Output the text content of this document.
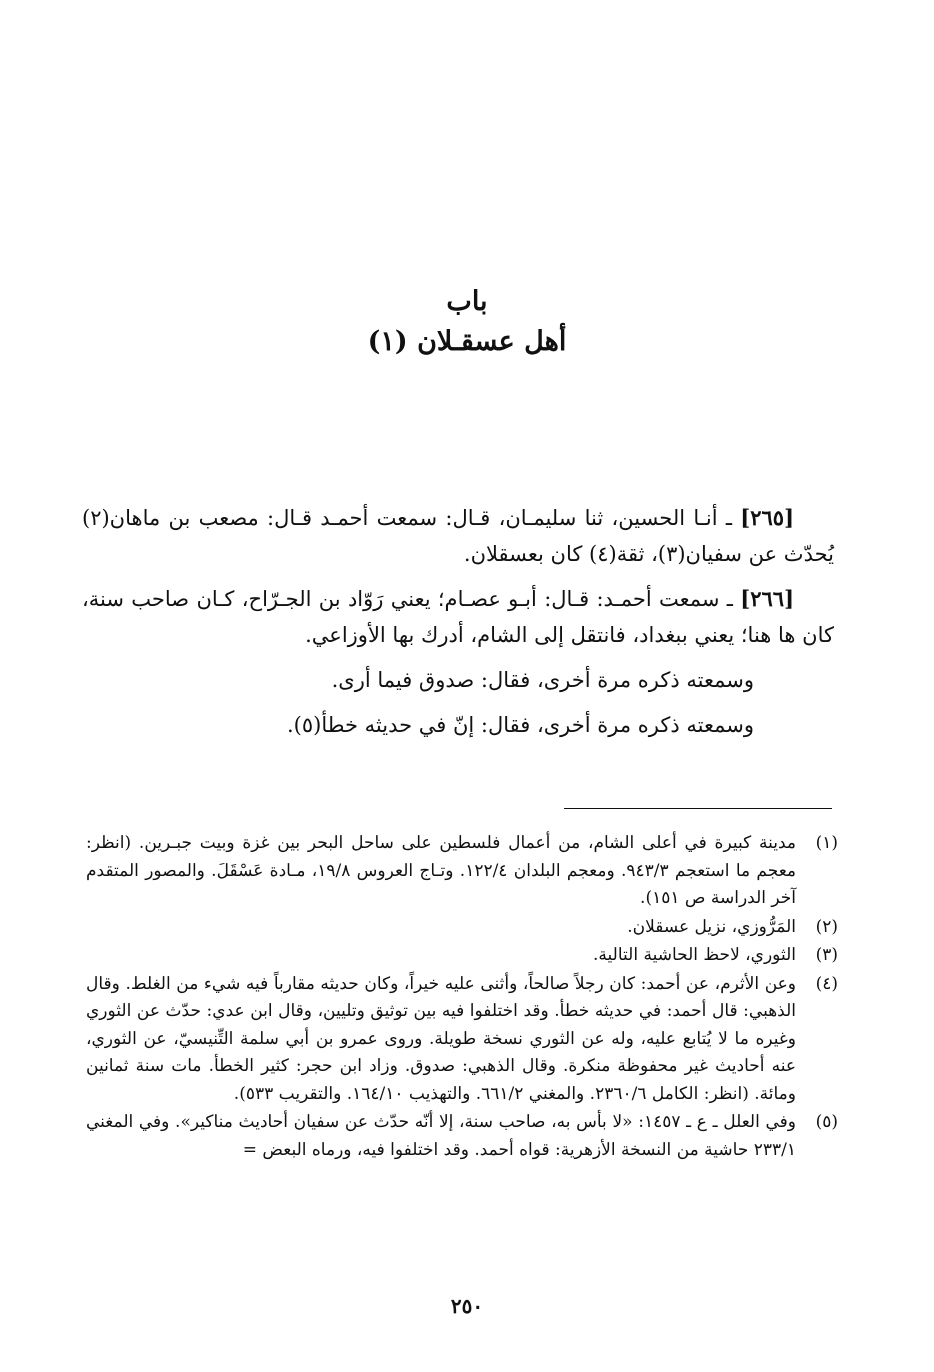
باب
أهل عسقـلان (١)

[٢٦٥] ـ أنـا الحسين، ثنا سليمـان، قـال: سمعت أحمـد قـال: مصعب بن ماهان(٢) يُحدّث عن سفيان(٣)، ثقة(٤) كان بعسقلان.

[٢٦٦] ـ سمعت أحمـد: قـال: أبـو عصـام؛ يعني رَوّاد بن الجـرّاح، كـان صاحب سنة، كان ها هنا؛ يعني ببغداد، فانتقل إلى الشام، أدرك بها الأوزاعي.

وسمعته ذكره مرة أخرى، فقال: صدوق فيما أرى.

وسمعته ذكره مرة أخرى، فقال: إنّ في حديثه خطأ(٥).

(١)
مدينة كبيرة في أعلى الشام، من أعمال فلسطين على ساحل البحر بين غزة وبيت جبـرين. (انظر: معجم ما استعجم ٩٤٣/٣. ومعجم البلدان ١٢٢/٤. وتـاج العروس ١٩/٨، مـادة عَسْقَلَ. والمصور المتقدم آخر الدراسة ص ١٥١).
(٢)
المَرُّوزي، نزيل عسقلان.
(٣)
الثوري، لاحظ الحاشية التالية.
(٤)
وعن الأثرم، عن أحمد: كان رجلاً صالحاً، وأثنى عليه خيراً، وكان حديثه مقارباً فيه شيء من الغلط. وقال الذهبي: قال أحمد: في حديثه خطأ. وقد اختلفوا فيه بين توثيق وتليين، وقال ابن عدي: حدّث عن الثوري وغيره ما لا يُتابع عليه، وله عن الثوري نسخة طويلة. وروى عمرو بن أبي سلمة التِّنيسيّ، عن الثوري، عنه أحاديث غير محفوظة منكرة. وقال الذهبي: صدوق. وزاد ابن حجر: كثير الخطأ. مات سنة ثمانين ومائة. (انظر: الكامل ٢٣٦٠/٦. والمغني ٦٦١/٢. والتهذيب ١٦٤/١٠. والتقريب ٥٣٣).
(٥)
وفي العلل ـ ع ـ ١٤٥٧: «لا بأس به، صاحب سنة، إلا أنّه حدّث عن سفيان أحاديث مناكير». وفي المغني ٢٣٣/١ حاشية من النسخة الأزهرية: قواه أحمد. وقد اختلفوا فيه، ورماه البعض =
٢٥٠
